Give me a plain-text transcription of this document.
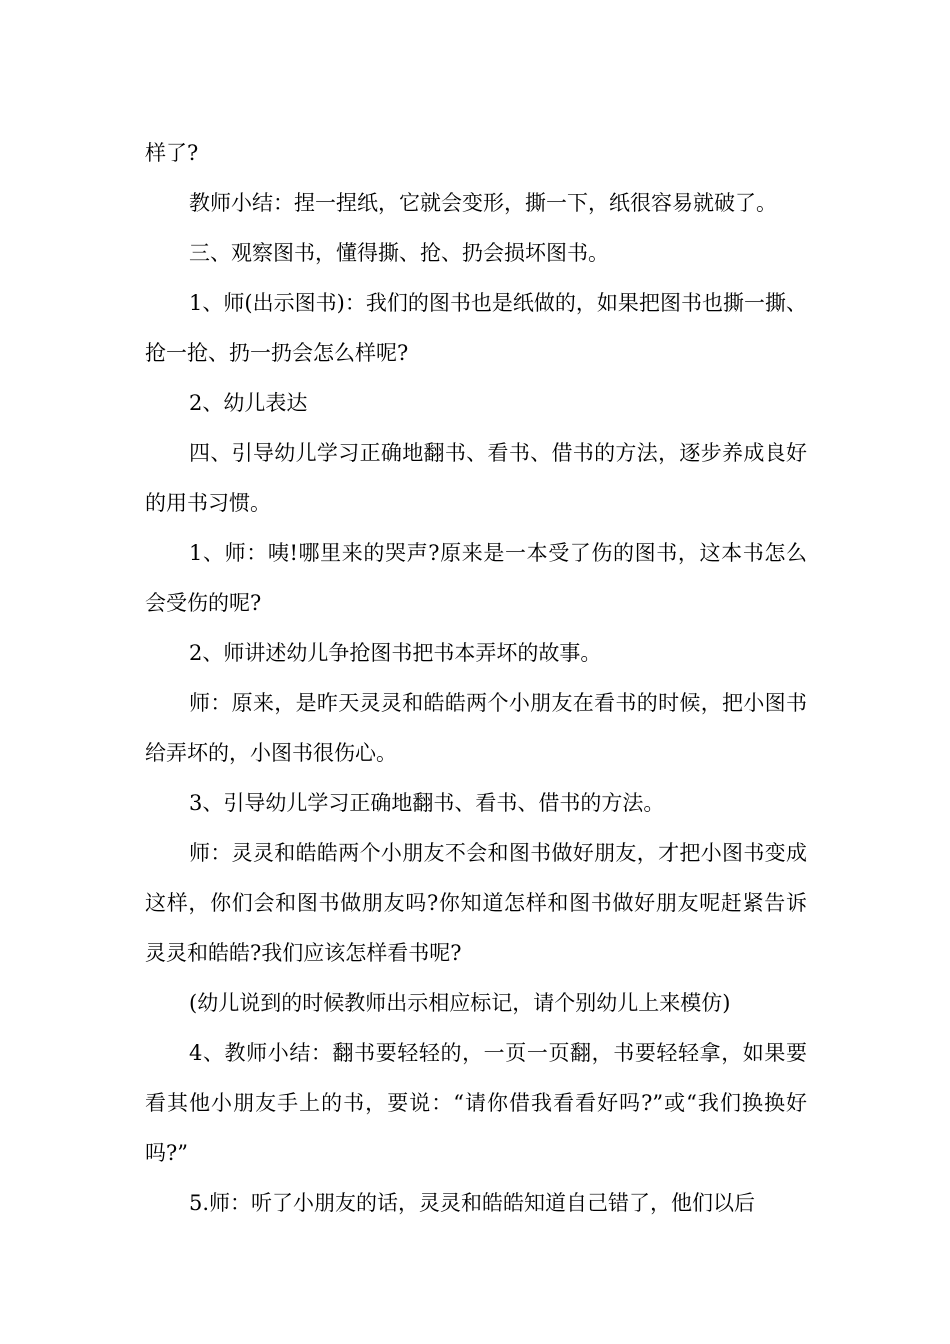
样了?

教师小结：捏一捏纸，它就会变形，撕一下，纸很容易就破了。

三、观察图书，懂得撕、抢、扔会损坏图书。

1、师(出示图书)：我们的图书也是纸做的，如果把图书也撕一撕、抢一抢、扔一扔会怎么样呢?

2、幼儿表达

四、引导幼儿学习正确地翻书、看书、借书的方法，逐步养成良好的用书习惯。

1、师：咦!哪里来的哭声?原来是一本受了伤的图书，这本书怎么会受伤的呢?

2、师讲述幼儿争抢图书把书本弄坏的故事。

师：原来，是昨天灵灵和皓皓两个小朋友在看书的时候，把小图书给弄坏的，小图书很伤心。

3、引导幼儿学习正确地翻书、看书、借书的方法。

师：灵灵和皓皓两个小朋友不会和图书做好朋友，才把小图书变成这样，你们会和图书做朋友吗?你知道怎样和图书做好朋友呢赶紧告诉灵灵和皓皓?我们应该怎样看书呢?

(幼儿说到的时候教师出示相应标记，请个别幼儿上来模仿)

4、教师小结：翻书要轻轻的，一页一页翻，书要轻轻拿，如果要看其他小朋友手上的书，要说：“请你借我看看好吗?”或“我们换换好吗?”

5.师：听了小朋友的话，灵灵和皓皓知道自己错了，他们以后
